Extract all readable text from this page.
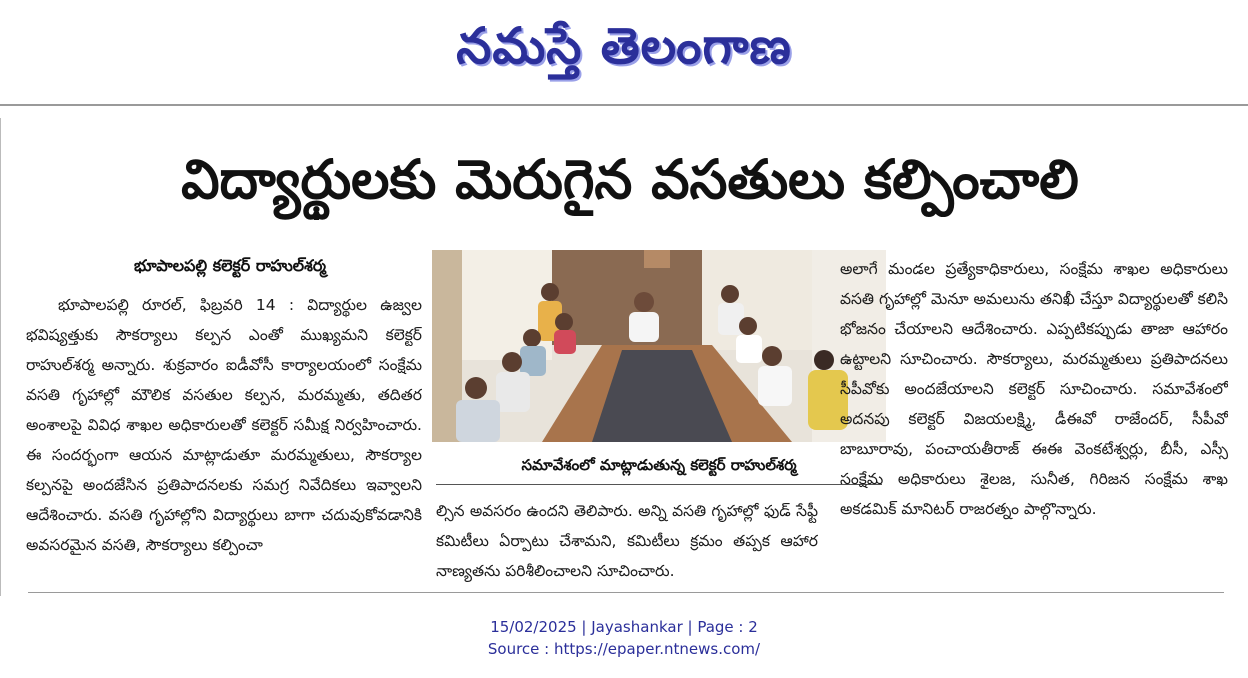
నమస్తే తెలంగాణ
విద్యార్థులకు మెరుగైన వసతులు కల్పించాలి
భూపాలపల్లి కలెక్టర్ రాహుల్‌శర్మ
భూపాలపల్లి రూరల్, ఫిబ్రవరి 14 : విద్యార్థుల ఉజ్వల భవిష్యత్తుకు సౌకర్యాలు కల్పన ఎంతో ముఖ్యమని కలెక్టర్ రాహుల్‌శర్మ అన్నారు. శుక్రవారం ఐడీవోసీ కార్యాలయంలో సంక్షేమ వసతి గృహాల్లో మౌలిక వసతుల కల్పన, మరమ్మతు, తదితర అంశాలపై వివిధ శాఖల అధికారులతో కలెక్టర్ సమీక్ష నిర్వహించారు. ఈ సందర్భంగా ఆయన మాట్లాడుతూ మరమ్మతులు, సౌకర్యాల కల్పనపై అందజేసిన ప్రతిపాదనలకు సమగ్ర నివేదికలు ఇవ్వాలని ఆదేశించారు. వసతి గృహాల్లోని విద్యార్థులు బాగా చదువుకోవడానికి అవసరమైన వసతి, సౌకర్యాలు కల్పించా
సమావేశంలో మాట్లాడుతున్న కలెక్టర్ రాహుల్‌శర్మ
ల్సిన అవసరం ఉందని తెలిపారు. అన్ని వసతి గృహాల్లో ఫుడ్ సేఫ్టీ కమిటీలు ఏర్పాటు చేశామని, కమిటీలు క్రమం తప్పక ఆహార నాణ్యతను పరిశీలించాలని సూచించారు.
అలాగే మండల ప్రత్యేకాధికారులు, సంక్షేమ శాఖల అధికారులు వసతి గృహాల్లో మెనూ అమలును తనిఖీ చేస్తూ విద్యార్థులతో కలిసి భోజనం చేయాలని ఆదేశించారు. ఎప్పటికప్పుడు తాజా ఆహారం ఉట్టాలని సూచించారు. సౌకర్యాలు, మరమ్మతులు ప్రతిపాదనలు సీపీవోకు అందజేయాలని కలెక్టర్ సూచించారు. సమావేశంలో అదనపు కలెక్టర్ విజయలక్ష్మి, డీఈవో రాజేందర్, సీపీవో బాబూరావు, పంచాయతీరాజ్ ఈఈ వెంకటేశ్వర్లు, బీసీ, ఎస్సీ సంక్షేమ అధికారులు శైలజ, సునీత, గిరిజన సంక్షేమ శాఖ అకడమిక్ మానిటర్ రాజరత్నం పాల్గొన్నారు.
15/02/2025 | Jayashankar | Page : 2
Source : https://epaper.ntnews.com/
